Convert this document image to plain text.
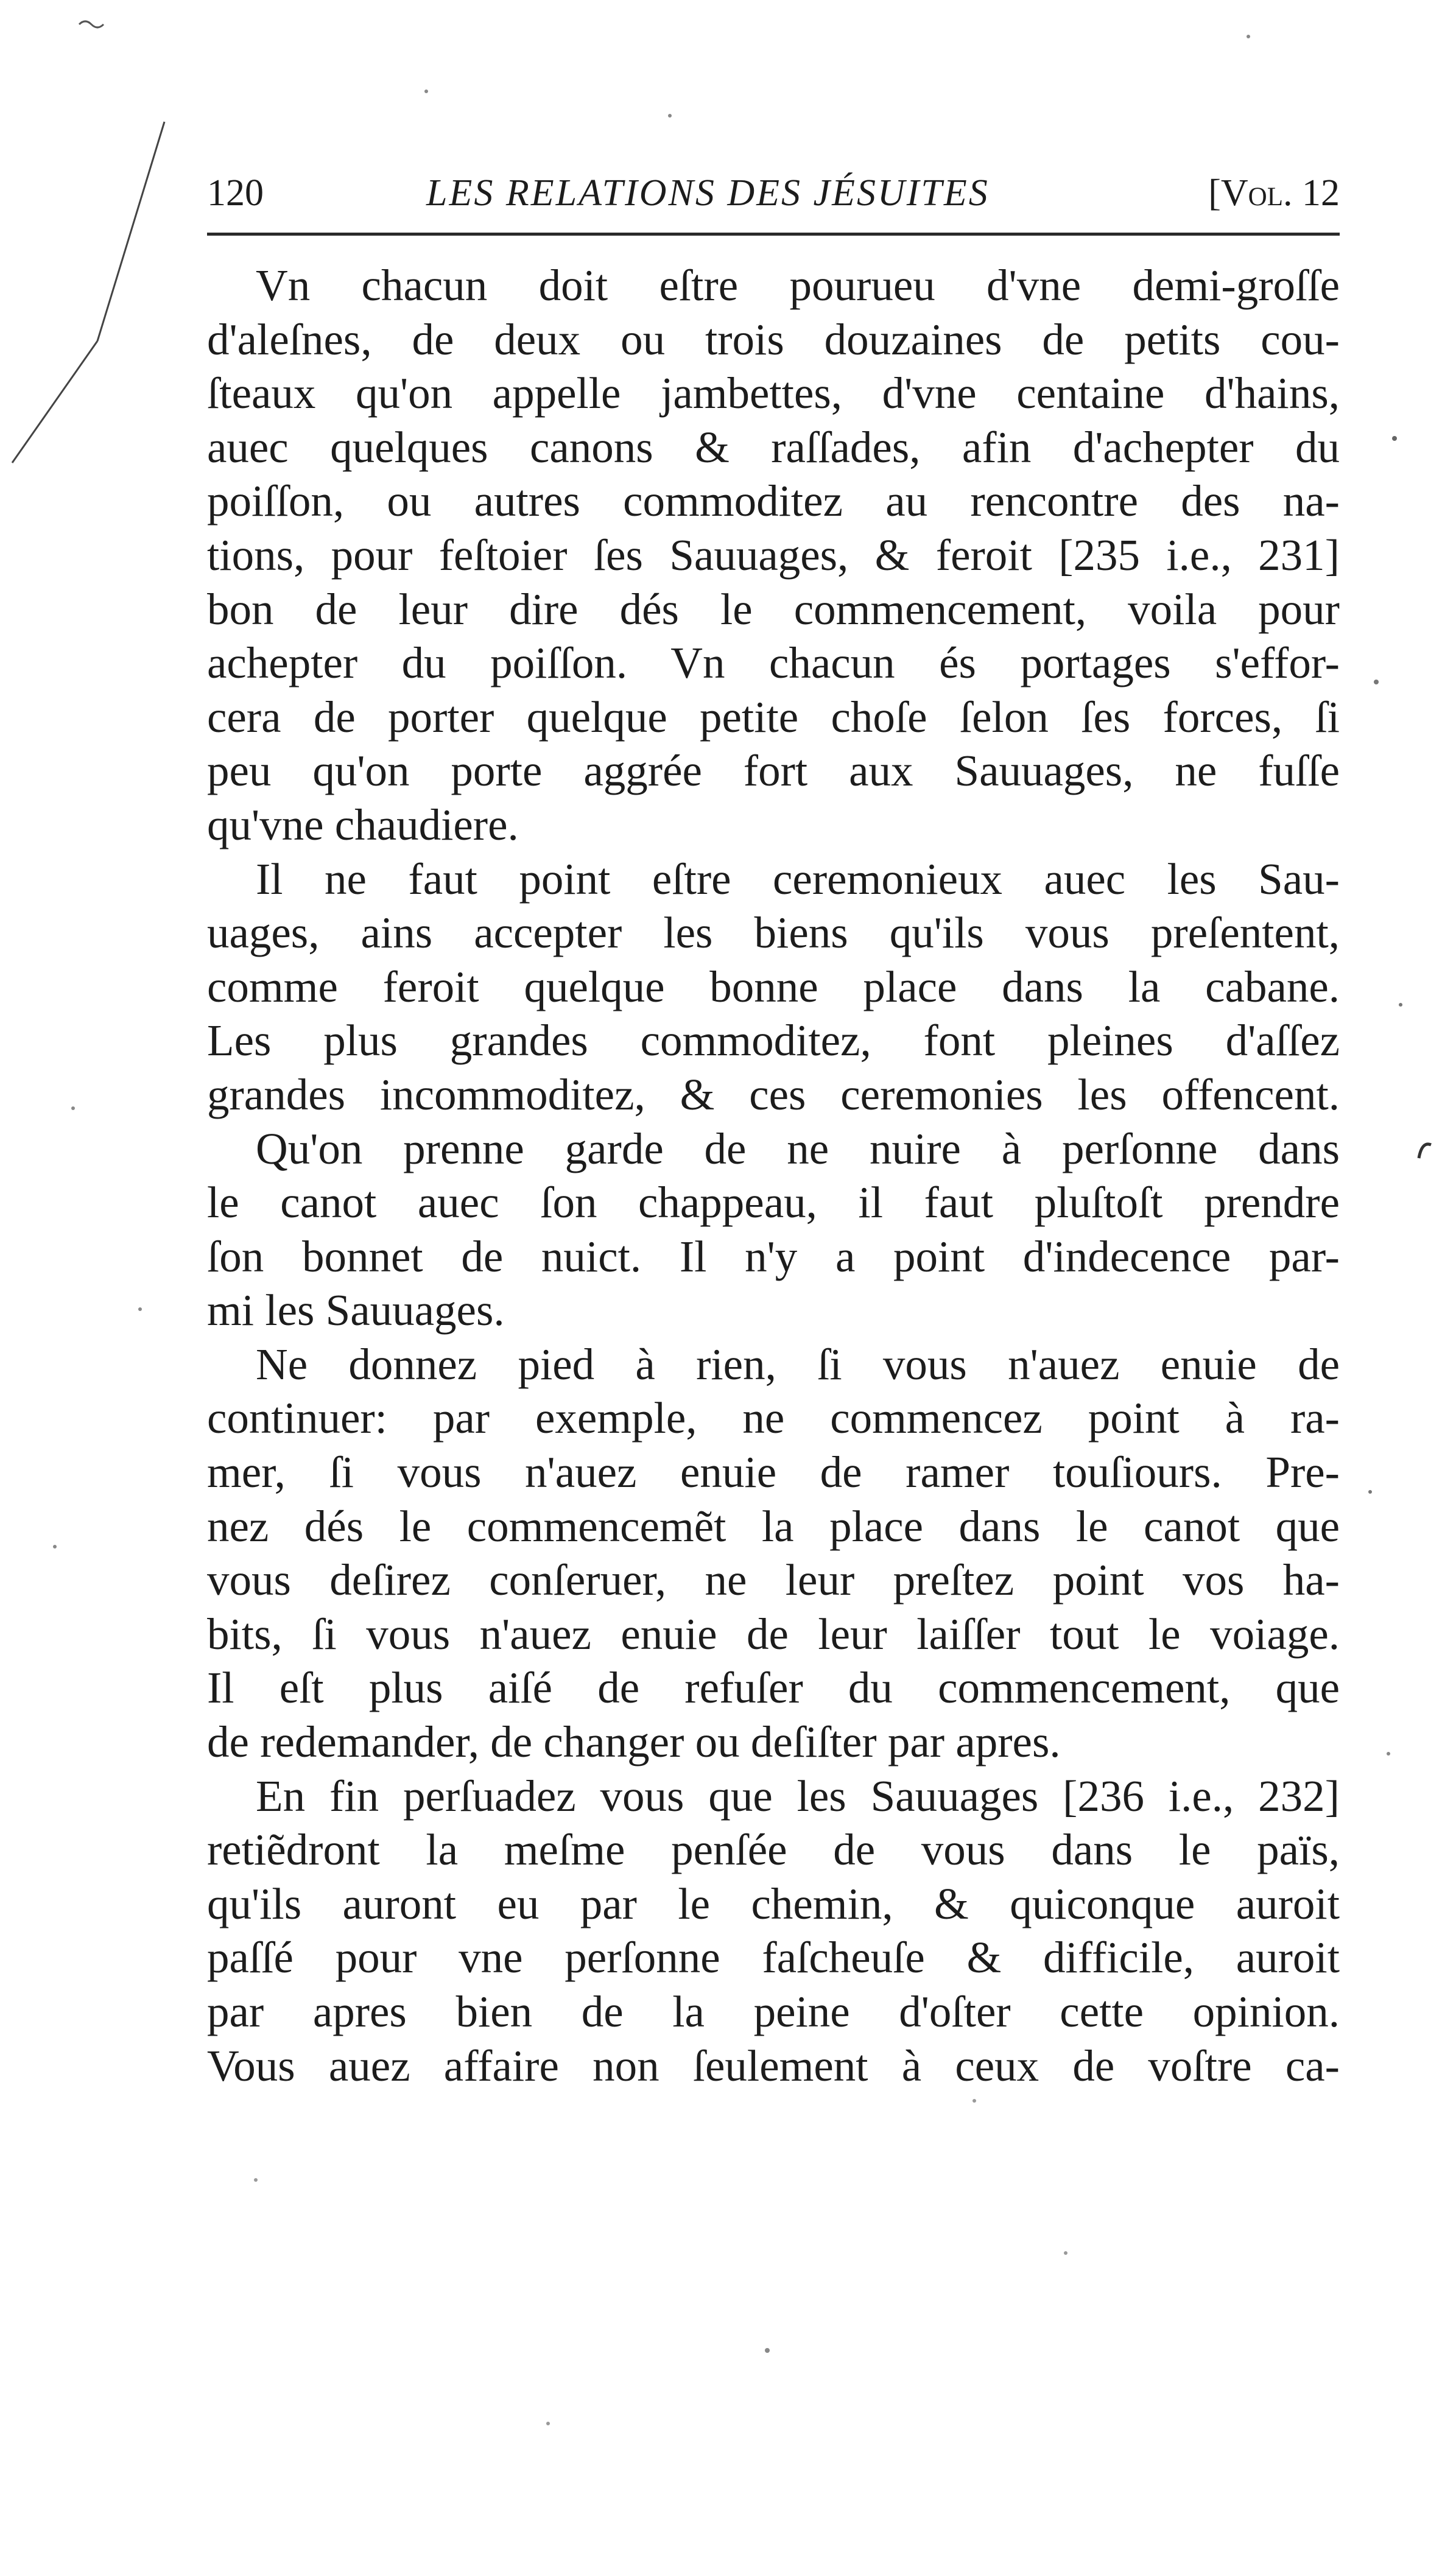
120	LES RELATIONS DES JÉSUITES	[Vol. 12
Vn chacun doit eſtre pourueu d'vne demi-groſſe
d'aleſnes, de deux ou trois douzaines de petits cou-
ſteaux qu'on appelle jambettes, d'vne centaine d'hains,
auec quelques canons & raſſades, afin d'achepter du
poiſſon, ou autres commoditez au rencontre des na-
tions, pour feſtoier ſes Sauuages, & feroit [235 i.e., 231]
bon de leur dire dés le commencement, voila pour
achepter du poiſſon. Vn chacun és portages s'effor-
cera de porter quelque petite choſe ſelon ſes forces, ſi
peu qu'on porte aggrée fort aux Sauuages, ne fuſſe
qu'vne chaudiere.
Il ne faut point eſtre ceremonieux auec les Sau-
uages, ains accepter les biens qu'ils vous preſentent,
comme feroit quelque bonne place dans la cabane.
Les plus grandes commoditez, font pleines d'aſſez
grandes incommoditez, & ces ceremonies les offencent.
Qu'on prenne garde de ne nuire à perſonne dans
le canot auec ſon chappeau, il faut pluſtoſt prendre
ſon bonnet de nuict. Il n'y a point d'indecence par-
mi les Sauuages.
Ne donnez pied à rien, ſi vous n'auez enuie de
continuer: par exemple, ne commencez point à ra-
mer, ſi vous n'auez enuie de ramer touſiours. Pre-
nez dés le commencemẽt la place dans le canot que
vous deſirez conſeruer, ne leur preſtez point vos ha-
bits, ſi vous n'auez enuie de leur laiſſer tout le voiage.
Il eſt plus aiſé de refuſer du commencement, que
de redemander, de changer ou deſiſter par apres.
En fin perſuadez vous que les Sauuages [236 i.e., 232]
retiẽdront la meſme penſée de vous dans le païs,
qu'ils auront eu par le chemin, & quiconque auroit
paſſé pour vne perſonne faſcheuſe & difficile, auroit
par apres bien de la peine d'oſter cette opinion.
Vous auez affaire non ſeulement à ceux de voſtre ca-
